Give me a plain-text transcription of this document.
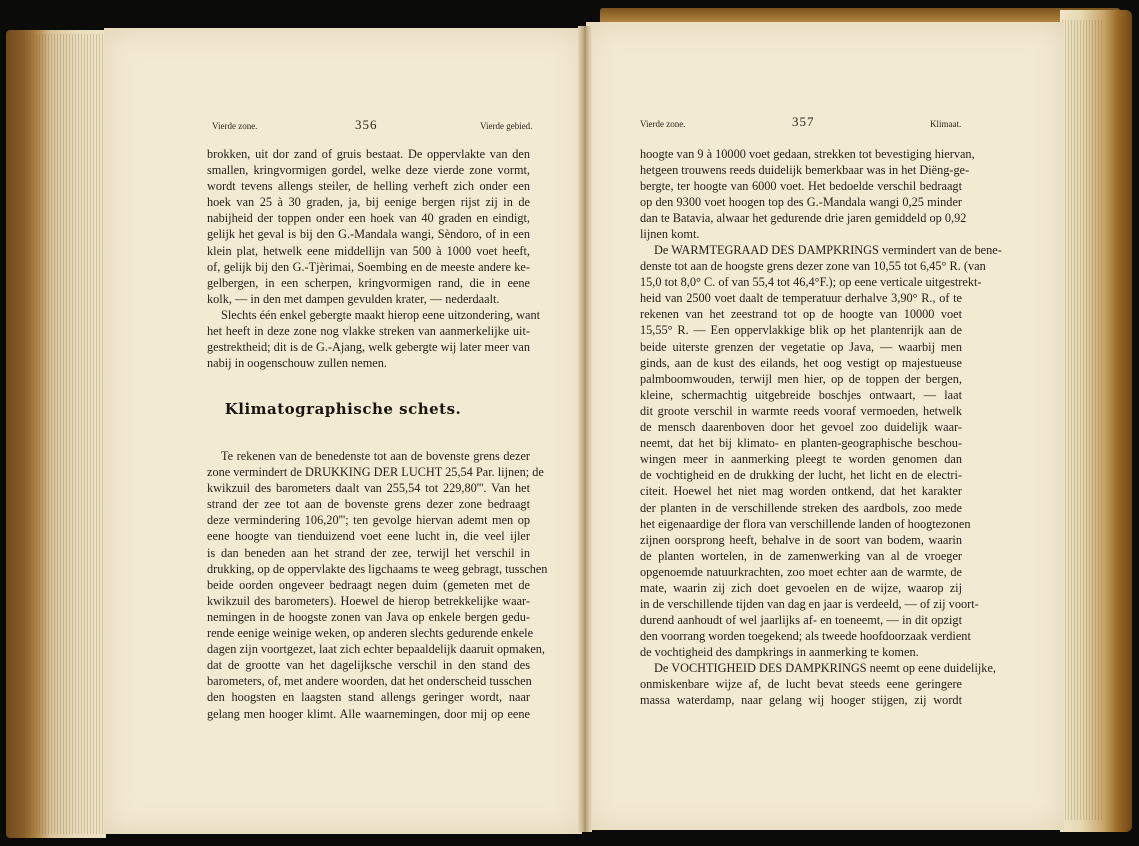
Vierde zone.	356	Vierde gebied.	Vierde zone.	357	Klimaat.
brokken, uit dor zand of gruis bestaat. De oppervlakte van den
smallen, kringvormigen gordel, welke deze vierde zone vormt,
wordt tevens allengs steiler, de helling verheft zich onder een
hoek van 25 à 30 graden, ja, bij eenige bergen rijst zij in de
nabijheid der toppen onder een hoek van 40 graden en eindigt,
gelijk het geval is bij den G.-Mandala wangi, Sèndoro, of in een
klein plat, hetwelk eene middellijn van 500 à 1000 voet heeft,
of, gelijk bij den G.-Tjèrimai, Soembing en de meeste andere ke-
gelbergen, in een scherpen, kringvormigen rand, die in eene
kolk, — in den met dampen gevulden krater, — nederdaalt.
Slechts één enkel gebergte maakt hierop eene uitzondering, want
het heeft in deze zone nog vlakke streken van aanmerkelijke uit-
gestrektheid; dit is de G.-Ajang, welk gebergte wij later meer van
nabij in oogenschouw zullen nemen.
Klimatographische schets.
Te rekenen van de benedenste tot aan de bovenste grens dezer
zone vermindert de DRUKKING DER LUCHT 25,54 Par. lijnen; de
kwikzuil des barometers daalt van 255,54 tot 229,80'''. Van het
strand der zee tot aan de bovenste grens dezer zone bedraagt
deze vermindering 106,20'''; ten gevolge hiervan ademt men op
eene hoogte van tienduizend voet eene lucht in, die veel ijler
is dan beneden aan het strand der zee, terwijl het verschil in
drukking, op de oppervlakte des ligchaams te weeg gebragt, tusschen
beide oorden ongeveer bedraagt negen duim (gemeten met de
kwikzuil des barometers). Hoewel de hierop betrekkelijke waar-
nemingen in de hoogste zonen van Java op enkele bergen gedu-
rende eenige weinige weken, op anderen slechts gedurende enkele
dagen zijn voortgezet, laat zich echter bepaaldelijk daaruit opmaken,
dat de grootte van het dagelijksche verschil in den stand des
barometers, of, met andere woorden, dat het onderscheid tusschen
den hoogsten en laagsten stand allengs geringer wordt, naar
gelang men hooger klimt. Alle waarnemingen, door mij op eene
hoogte van 9 à 10000 voet gedaan, strekken tot bevestiging hiervan,
hetgeen trouwens reeds duidelijk bemerkbaar was in het Diëng-ge-
bergte, ter hoogte van 6000 voet. Het bedoelde verschil bedraagt
op den 9300 voet hoogen top des G.-Mandala wangi 0,25 minder
dan te Batavia, alwaar het gedurende drie jaren gemiddeld op 0,92
lijnen komt.
De WARMTEGRAAD DES DAMPKRINGS vermindert van de bene-
denste tot aan de hoogste grens dezer zone van 10,55 tot 6,45° R. (van
15,0 tot 8,0° C. of van 55,4 tot 46,4°F.); op eene verticale uitgestrekt-
heid van 2500 voet daalt de temperatuur derhalve 3,90° R., of te
rekenen van het zeestrand tot op de hoogte van 10000 voet
15,55° R. — Een oppervlakkige blik op het plantenrijk aan de
beide uiterste grenzen der vegetatie op Java, — waarbij men
ginds, aan de kust des eilands, het oog vestigt op majestueuse
palmboomwouden, terwijl men hier, op de toppen der bergen,
kleine, schermachtig uitgebreide boschjes ontwaart, — laat
dit groote verschil in warmte reeds vooraf vermoeden, hetwelk
de mensch daarenboven door het gevoel zoo duidelijk waar-
neemt, dat het bij klimato- en planten-geographische beschou-
wingen meer in aanmerking pleegt te worden genomen dan
de vochtigheid en de drukking der lucht, het licht en de electri-
citeit. Hoewel het niet mag worden ontkend, dat het karakter
der planten in de verschillende streken des aardbols, zoo mede
het eigenaardige der flora van verschillende landen of hoogtezonen
zijnen oorsprong heeft, behalve in de soort van bodem, waarin
de planten wortelen, in de zamenwerking van al de vroeger
opgenoemde natuurkrachten, zoo moet echter aan de warmte, de
mate, waarin zij zich doet gevoelen en de wijze, waarop zij
in de verschillende tijden van dag en jaar is verdeeld, — of zij voort-
durend aanhoudt of wel jaarlijks af- en toeneemt, — in dit opzigt
den voorrang worden toegekend; als tweede hoofdoorzaak verdient
de vochtigheid des dampkrings in aanmerking te komen.
De VOCHTIGHEID DES DAMPKRINGS neemt op eene duidelijke,
onmiskenbare wijze af, de lucht bevat steeds eene geringere
massa waterdamp, naar gelang wij hooger stijgen, zij wordt
